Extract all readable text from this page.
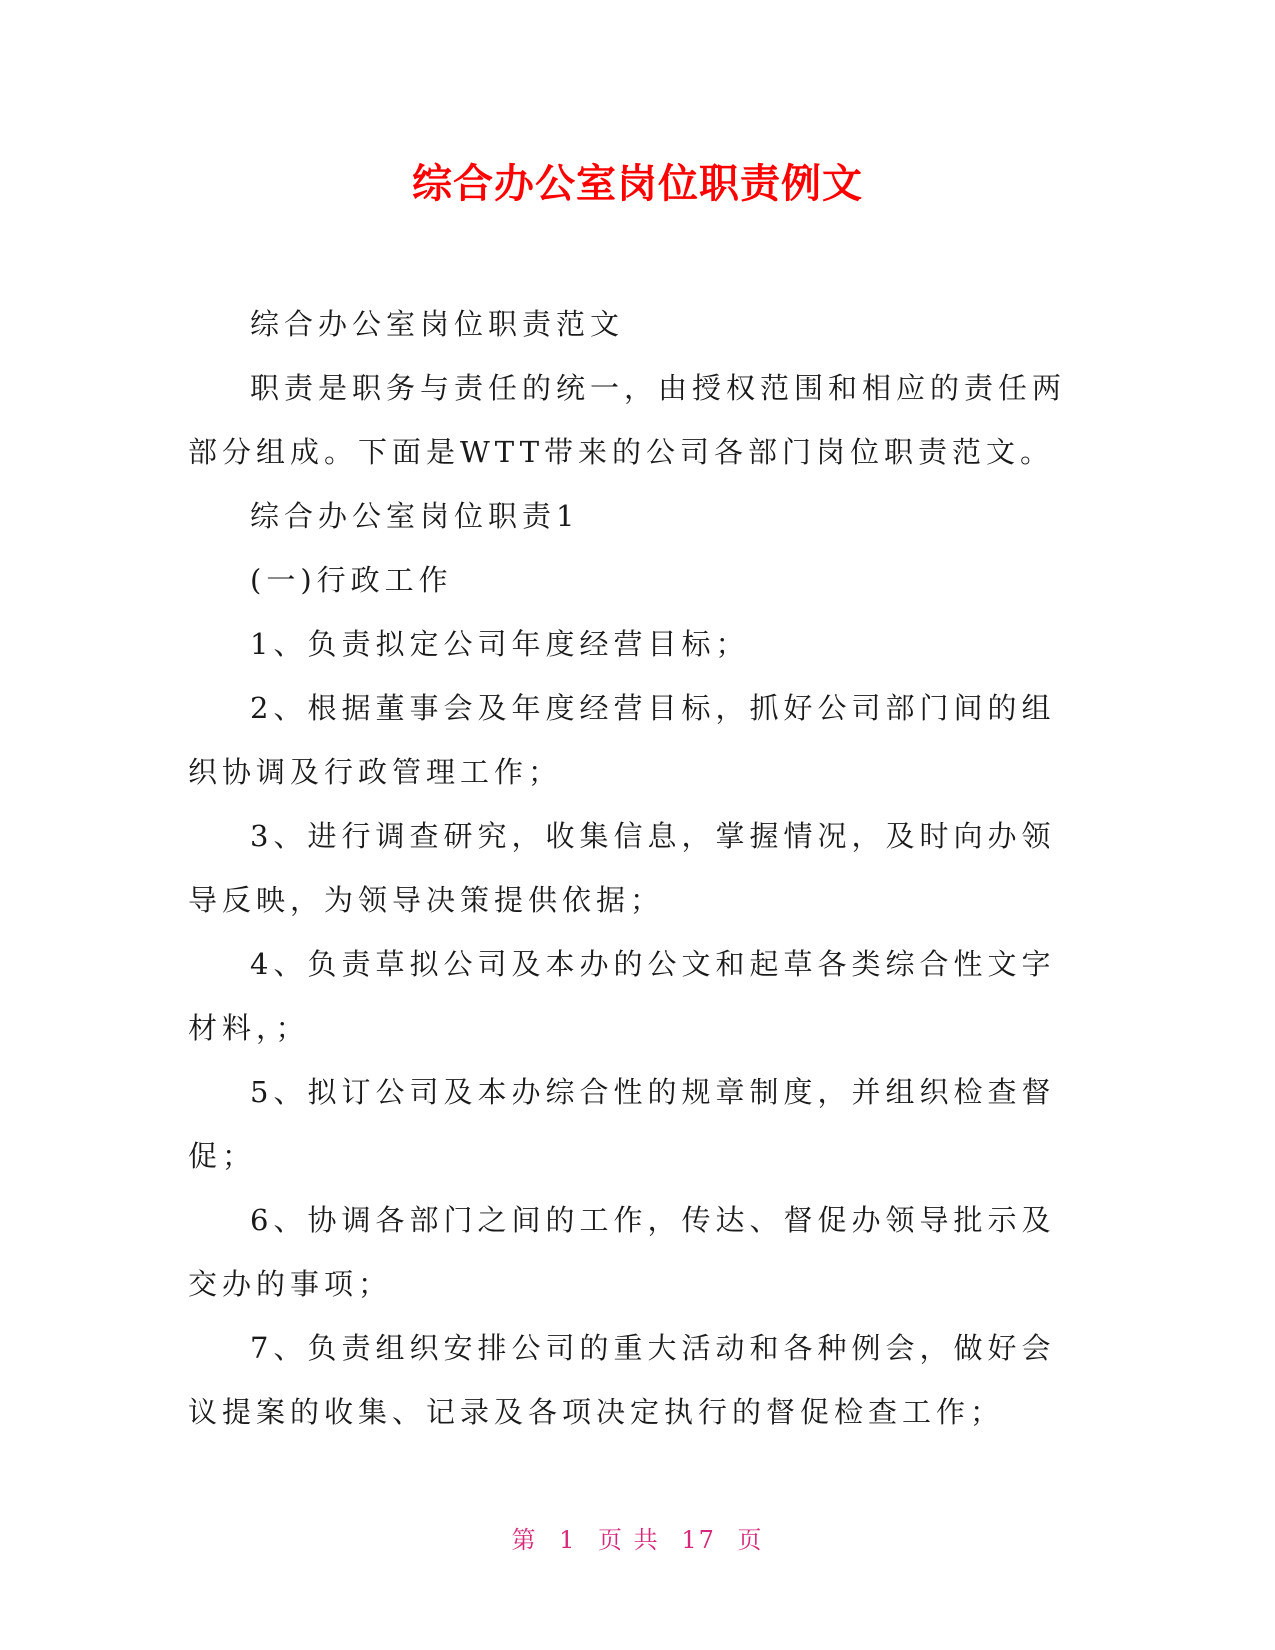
综合办公室岗位职责例文

综合办公室岗位职责范文

职责是职务与责任的统一，由授权范围和相应的责任两部分组成。下面是WTT带来的公司各部门岗位职责范文。

综合办公室岗位职责1

(一)行政工作

1、负责拟定公司年度经营目标；

2、根据董事会及年度经营目标，抓好公司部门间的组织协调及行政管理工作；

3、进行调查研究，收集信息，掌握情况，及时向办领导反映，为领导决策提供依据；

4、负责草拟公司及本办的公文和起草各类综合性文字材料，；

5、拟订公司及本办综合性的规章制度，并组织检查督促；

6、协调各部门之间的工作，传达、督促办领导批示及交办的事项；

7、负责组织安排公司的重大活动和各种例会，做好会议提案的收集、记录及各项决定执行的督促检查工作；

第 1 页 共 17 页
